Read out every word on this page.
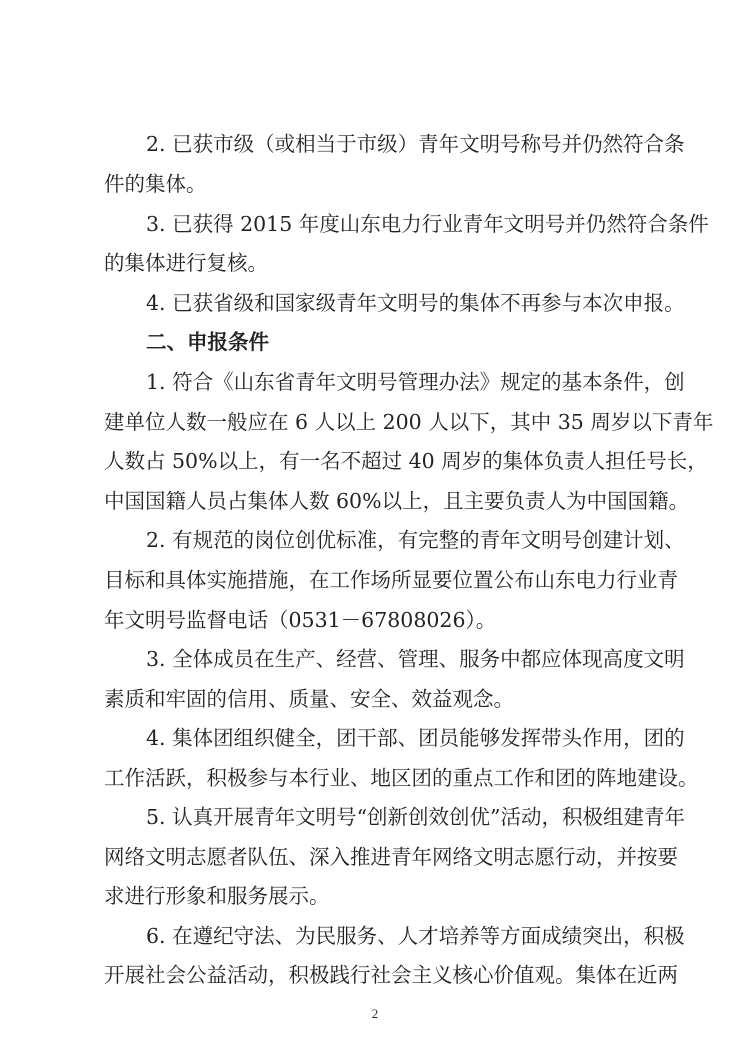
2. 已获市级（或相当于市级）青年文明号称号并仍然符合条
件的集体。
3. 已获得 2015 年度山东电力行业青年文明号并仍然符合条件
的集体进行复核。
4. 已获省级和国家级青年文明号的集体不再参与本次申报。
二、申报条件
1. 符合《山东省青年文明号管理办法》规定的基本条件，创
建单位人数一般应在 6 人以上 200 人以下，其中 35 周岁以下青年
人数占 50%以上，有一名不超过 40 周岁的集体负责人担任号长，
中国国籍人员占集体人数 60%以上，且主要负责人为中国国籍。
2. 有规范的岗位创优标准，有完整的青年文明号创建计划、
目标和具体实施措施，在工作场所显要位置公布山东电力行业青
年文明号监督电话（0531－67808026）。
3. 全体成员在生产、经营、管理、服务中都应体现高度文明
素质和牢固的信用、质量、安全、效益观念。
4. 集体团组织健全，团干部、团员能够发挥带头作用，团的
工作活跃，积极参与本行业、地区团的重点工作和团的阵地建设。
5. 认真开展青年文明号“创新创效创优”活动，积极组建青年
网络文明志愿者队伍、深入推进青年网络文明志愿行动，并按要
求进行形象和服务展示。
6. 在遵纪守法、为民服务、人才培养等方面成绩突出，积极
开展社会公益活动，积极践行社会主义核心价值观。集体在近两
2
